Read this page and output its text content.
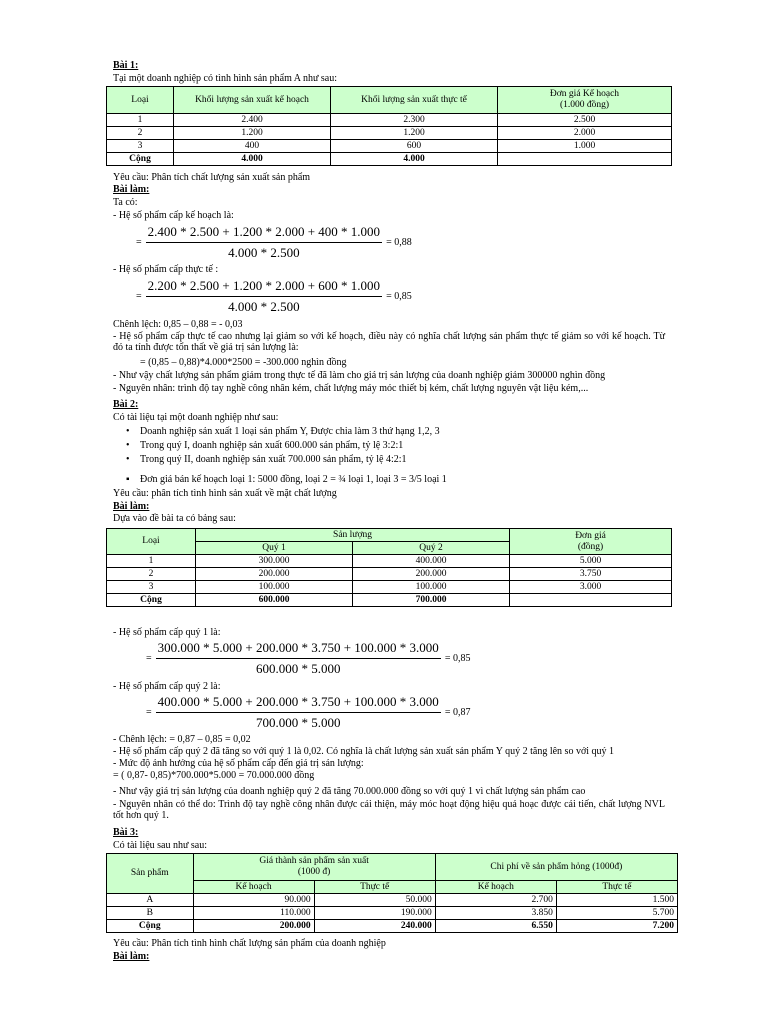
Bài 1:
Tại một doanh nghiệp có tình hình sản phẩm A như sau:
Loại	Khối lượng sản xuất kế hoạch	Khối lượng sản xuất thực tế	Đơn giá Kế hoạch
(1.000 đồng)

1	2.400	2.300	2.500
2	1.200	1.200	2.000
3	400	600	1.000
Cộng	4.000	4.000	
Yêu cầu: Phân tích chất lượng sản xuất sản phẩm
Bài làm:
Ta có:
- Hệ số phẩm cấp kế hoạch là:
= $\frac{2.400 * 2.500 + 1.200 * 2.000 + 400 * 1.000}{4.000 * 2.500} = 0,88$
- Hệ số phẩm cấp thực tế :
= $\frac{2.200 * 2.500 + 1.200 * 2.000 + 600 * 1.000}{4.000 * 2.500} = 0,85$
Chênh lệch: 0,85 – 0,88 = - 0,03
- Hệ số phẩm cấp thực tế cao nhưng lại giảm so với kế hoạch, điều này có nghĩa chất lượng sản phẩm thực tế giảm so với kế hoạch. Từ đó ta tính được tổn thất về giá trị sản lượng là:
= (0,85 – 0,88)*4.000*2500 = -300.000 nghìn đồng
- Như vậy chất lượng sản phẩm giảm trong thực tế đã làm cho giá trị sản lượng của doanh nghiệp giảm 300000 nghìn đồng
- Nguyên nhân: trình độ tay nghề công nhân kém, chất lượng máy móc thiết bị kém, chất lượng nguyên vật liệu kém,...
Bài 2:
Có tài liệu tại một doanh nghiệp như sau:
• Doanh nghiệp sản xuất 1 loại sản phẩm Y, Được chia làm 3 thứ hạng 1,2, 3
• Trong quý I, doanh nghiệp sản xuất 600.000 sản phẩm, tỷ lệ 3:2:1
• Trong quý II, doanh nghiệp sản xuất 700.000 sản phẩm, tỷ lệ 4:2:1
▪ Đơn giá bán kế hoạch loại 1: 5000 đồng, loại 2 = ¾ loại 1, loại 3 = 3/5 loại 1
Yêu cầu: phân tích tình hình sản xuất về mặt chất lượng
Bài làm:
Dựa vào đề bài ta có bảng sau:
Loại	Sản lượng		Đơn giá
(đồng)

	Quý 1	Quý 2	
1	300.000	400.000	5.000
2	200.000	200.000	3.750
3	100.000	100.000	3.000
Cộng	600.000	700.000	
- Hệ số phẩm cấp quý 1 là:
= $\frac{300.000 * 5.000 + 200.000 * 3.750 + 100.000 * 3.000}{600.000 * 5.000} = 0,85$
- Hệ số phẩm cấp quý 2 là:
= $\frac{400.000 * 5.000 + 200.000 * 3.750 + 100.000 * 3.000}{700.000 * 5.000} = 0,87$
- Chênh lệch: = 0,87 – 0,85 = 0,02
- Hệ số phẩm cấp quý 2 đã tăng so với quý 1 là 0,02. Có nghĩa là chất lượng sản xuất sản phẩm Y quý 2 tăng lên so với quý 1
- Mức độ ảnh hưởng của hệ số phẩm cấp đến giá trị sản lượng:
= ( 0,87- 0,85)*700.000*5.000 = 70.000.000 đồng
- Như vậy giá trị sản lượng của doanh nghiệp quý 2 đã tăng 70.000.000 đồng so với quý 1 vì chất lượng sản phẩm cao
- Nguyên nhân có thể do: Trình độ tay nghề công nhân được cải thiện, máy móc hoạt động hiệu quả hoạc được cải tiến, chất lượng NVL tốt hơn quý 1.
Bài 3:
Có tài liệu sau như sau:
Sản phẩm	Giá thành sản phẩm sản xuất
(1000 đ)		Chi phí về sản phẩm hỏng (1000đ)	
	Kế hoạch	Thực tế	Kế hoạch	Thực tế
A	90.000	50.000	2.700	1.500
B	110.000	190.000	3.850	5.700
Cộng	200.000	240.000	6.550	7.200
Yêu cầu: Phân tích tình hình chất lượng sản phẩm của doanh nghiệp
Bài làm:
